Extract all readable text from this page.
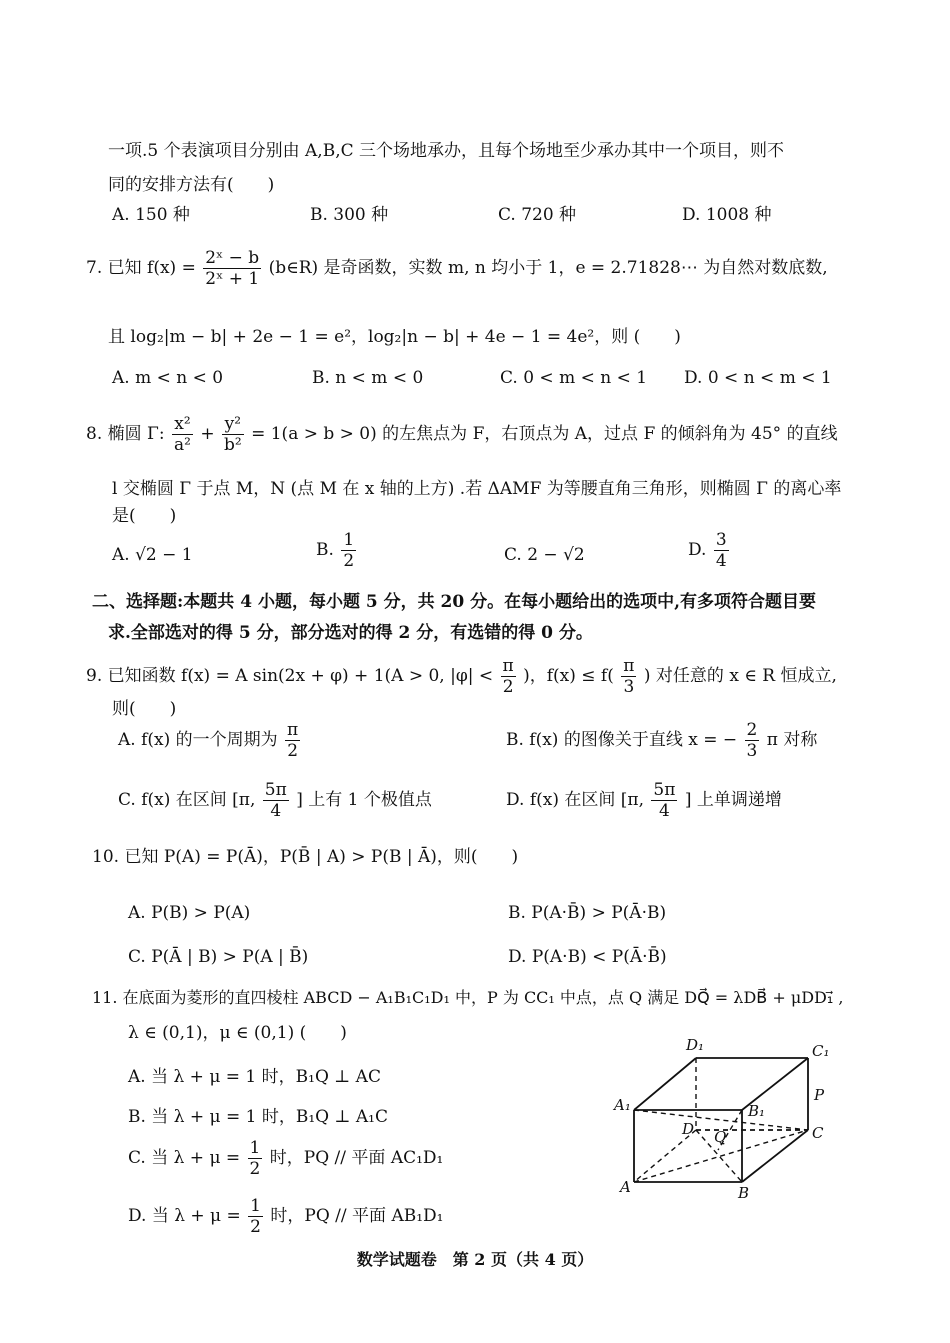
一项.5 个表演项目分别由 A,B,C 三个场地承办，且每个场地至少承办其中一个项目，则不
同的安排方法有(　　)
A. 150 种	B. 300 种	C. 720 种	D. 1008 种
7. 已知 $f(x) = \frac{\text{2ˣ − b}}{\text{2ˣ + 1}}$ (b∈R) 是奇函数，实数 m, n 均小于 1，e = 2.71828⋯ 为自然对数底数,
且 log₂|m − b| + 2e − 1 = e²，log₂|n − b| + 4e − 1 = 4e²，则 (　　)
A. m < n < 0	B. n < m < 0	C. 0 < m < n < 1 D. 0 < n < m < 1
8. 椭圆 Γ: $\frac{\text{x²}}{\text{a²}} + \frac{\text{y²}}{\text{b²}} = 1(a > b > 0)$ 的左焦点为 F，右顶点为 A，过点 F 的倾斜角为 45° 的直线
l 交椭圆 Γ 于点 M，N (点 M 在 x 轴的上方) .若 ΔAMF 为等腰直角三角形，则椭圆 Γ 的离心率
是(　　)
A. √2 − 1	B. $\frac{1}{2}$	C. 2 − √2	D. $\frac{3}{4}$
二、选择题:本题共 4 小题，每小题 5 分，共 20 分。在每小题给出的选项中,有多项符合题目要
求.全部选对的得 5 分，部分选对的得 2 分，有选错的得 0 分。
9. 已知函数 f(x) = A sin(2x + φ) + 1(A > 0, $|\varphi| < \frac{\pi}{2}$ )，$f(x) \le f( \frac{\pi}{3}$ ) 对任意的 x ∈ R 恒成立,
则(　　)
A. f(x) 的一个周期为 $\frac{\pi}{2}$	B. f(x) 的图像关于直线 x = − $\frac{2}{3}$ π 对称
C. f(x) 在区间 [π, $\frac{5\pi}{4}$ ] 上有 1 个极值点	D. f(x) 在区间 [π, $\frac{5\pi}{4}$ ] 上单调递增
10. 已知 P(A) = P(Ā)，P(B̄ | A) > P(B | Ā)，则(　　)
A. P(B) > P(A)	B. P(A·B̄) > P(Ā·B)
C. P(Ā | B) > P(A | B̄)	D. P(A·B) < P(Ā·B̄)
11. 在底面为菱形的直四棱柱 ABCD − A₁B₁C₁D₁ 中，P 为 CC₁ 中点，点 Q 满足 DQ⃗ = λDB⃗ + μDD₁⃗ ,
λ ∈ (0,1)，μ ∈ (0,1) (　　)
A. 当 λ + μ = 1 时，B₁Q ⊥ AC
B. 当 λ + μ = 1 时，B₁Q ⊥ A₁C
C. 当 $\lambda + \mu = \frac{1}{2}$ 时，PQ // 平面 AC₁D₁
D. 当 $\lambda + \mu = \frac{1}{2}$ 时，PQ // 平面 AB₁D₁
D₁	C₁
A₁	B₁
P
D Q	C
A	B
数学试题卷　第 2 页（共 4 页）
